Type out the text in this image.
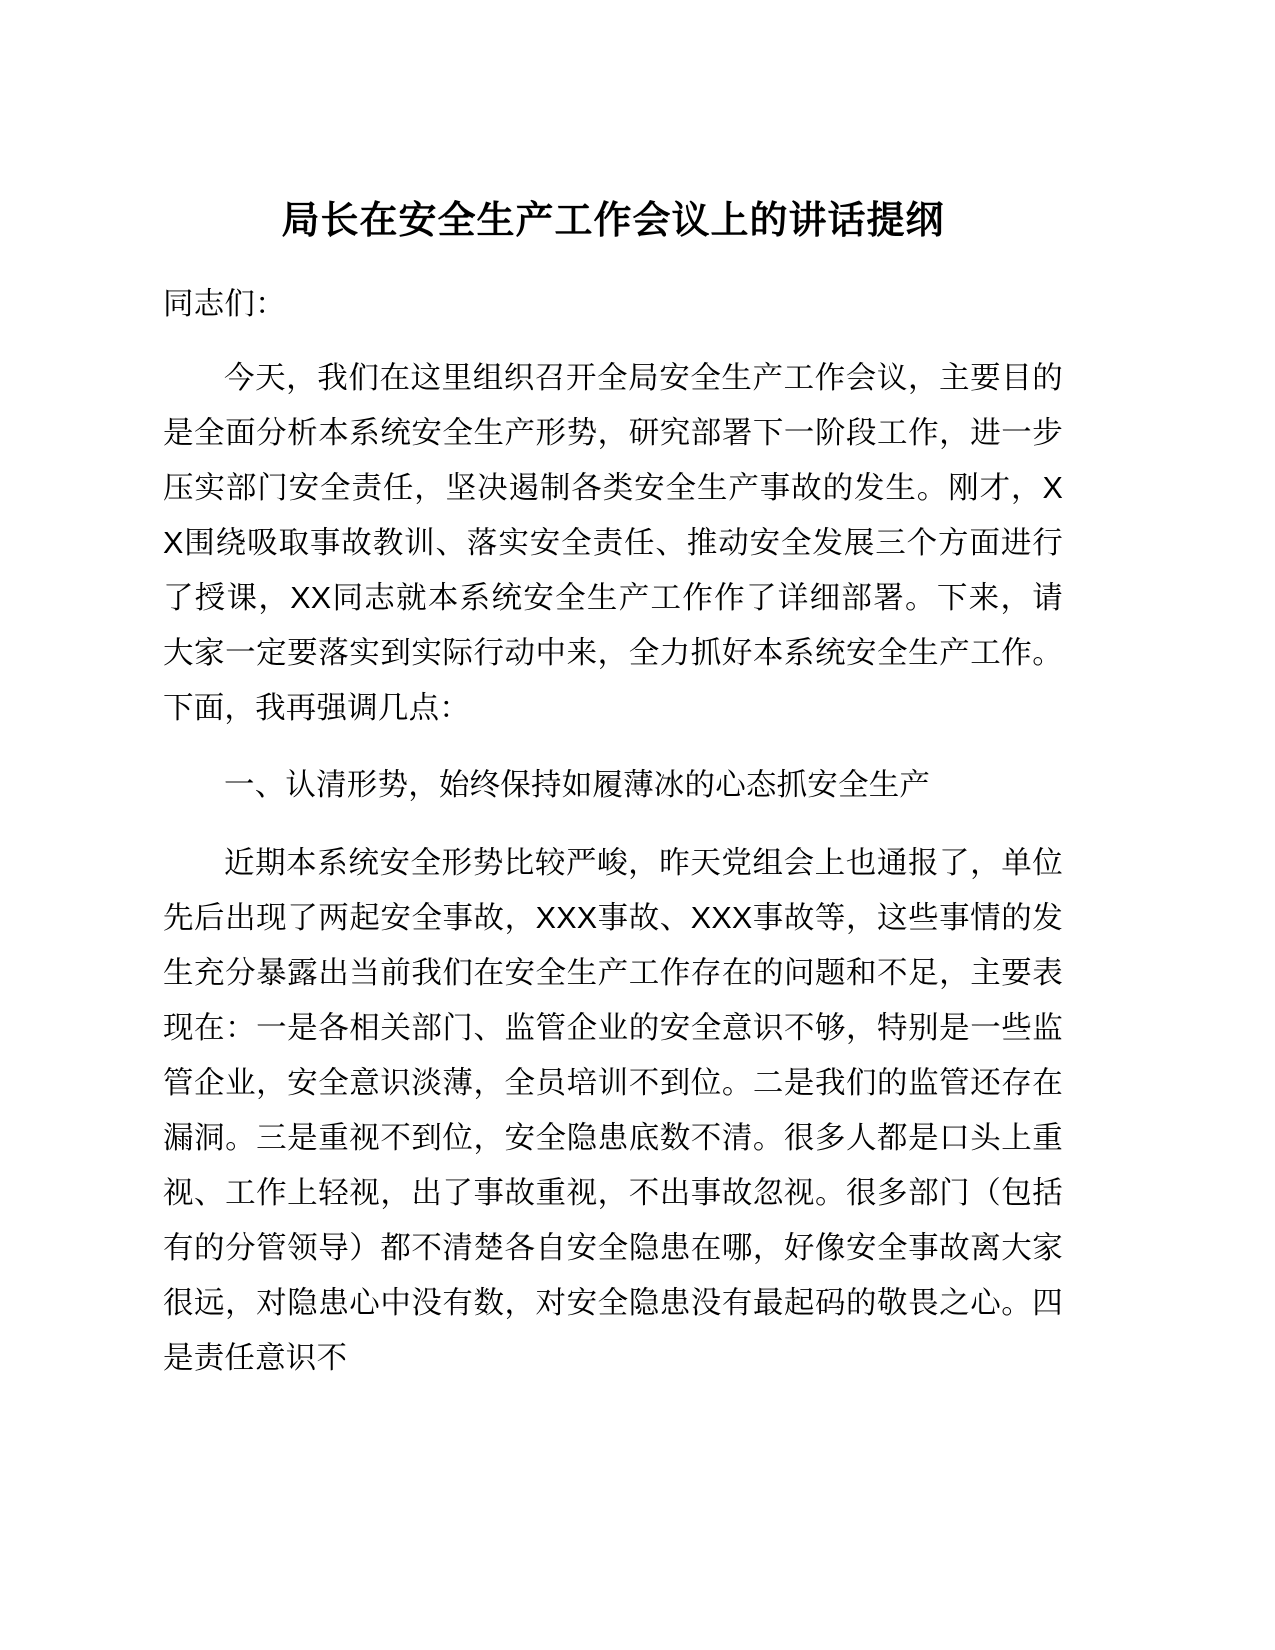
局长在安全生产工作会议上的讲话提纲

同志们：

今天，我们在这里组织召开全局安全生产工作会议，主要目的是全面分析本系统安全生产形势，研究部署下一阶段工作，进一步压实部门安全责任，坚决遏制各类安全生产事故的发生。刚才，XX围绕吸取事故教训、落实安全责任、推动安全发展三个方面进行了授课，XX同志就本系统安全生产工作作了详细部署。下来，请大家一定要落实到实际行动中来，全力抓好本系统安全生产工作。下面，我再强调几点：

一、认清形势，始终保持如履薄冰的心态抓安全生产

近期本系统安全形势比较严峻，昨天党组会上也通报了，单位先后出现了两起安全事故，XXX事故、XXX事故等，这些事情的发生充分暴露出当前我们在安全生产工作存在的问题和不足，主要表现在：一是各相关部门、监管企业的安全意识不够，特别是一些监管企业，安全意识淡薄，全员培训不到位。二是我们的监管还存在漏洞。三是重视不到位，安全隐患底数不清。很多人都是口头上重视、工作上轻视，出了事故重视，不出事故忽视。很多部门（包括有的分管领导）都不清楚各自安全隐患在哪，好像安全事故离大家很远，对隐患心中没有数，对安全隐患没有最起码的敬畏之心。四是责任意识不
